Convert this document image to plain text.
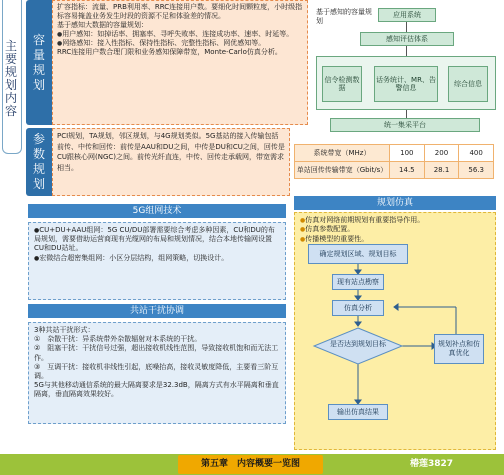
主要规划内容
容量规划
扩容指标：流量、PRB利用率、RRC连接用户数。要细化时间颗粒度，小时级指标容易掩盖业务发生时段的资源不足和体验差的情况。
基于感知大数据的容量规划：
● 用户感知：如掉话率、拥塞率、寻呼失败率、连接成功率、速率、时延等。
● 网络感知：接入性指标、保持性指标、完整性指标、网优感知等。
RRC连接用户数合理门限和业务感知保障带宽，Monte-Carlo仿真分析。
基于感知的容量规划
应用系统
感知评估体系
信令检测数据
话务统计、MR、告警信息	综合信息
统一集采平台
参数规划
PCI规划，TA规划，邻区规划，与4G规划类似。5G基站的接入传输包括前传、中传和回传：前传是AAU和DU之间，中传是DU和CU之间，回传是CU跟核心网(NGC)之间。前传光纤直连，中传、回传走承载网，带宽需求相当。
系统带宽（MHz）	100	200	400
单站回传传输带宽（Gbit/s）	14.5	28.1	56.3
5G组网技术
● CU+DU+AAU组网：5G CU/DU部署需要综合考虑多种因素，CU和DU的布局规划，需要借助运营商现有光缆网的布局和规划情况，结合本地传输网设置CU和DU站址。
● 宏微结合超密集组网：小区分层结构，组网策略，切换设计。
共站干扰协调
3种共站干扰形式：
①　杂散干扰：异系统带外杂散辐射对本系统的干扰。
②　阻塞干扰：干扰信号过强，超出接收机线性范围，导致接收机饱和而无法工作。
③　互调干扰：接收机非线性引起，底噪抬高，接收灵敏度降低，主要看三阶互调。
5G与其他移动通信系统的最大隔离要求是32.3dB，隔离方式有水平隔离和垂直隔离，垂直隔离效果较好。
规划仿真
● 仿真对网络前期规划有重要指导作用。
● 仿真参数配置。
● 传播模型的重要性。
确定规划区域、规划目标
现有站点勘察
仿真分析
是否达到规划目标	规划补点和仿真优化
输出仿真结果
第五章　内容概要一览图	椿莲3827
